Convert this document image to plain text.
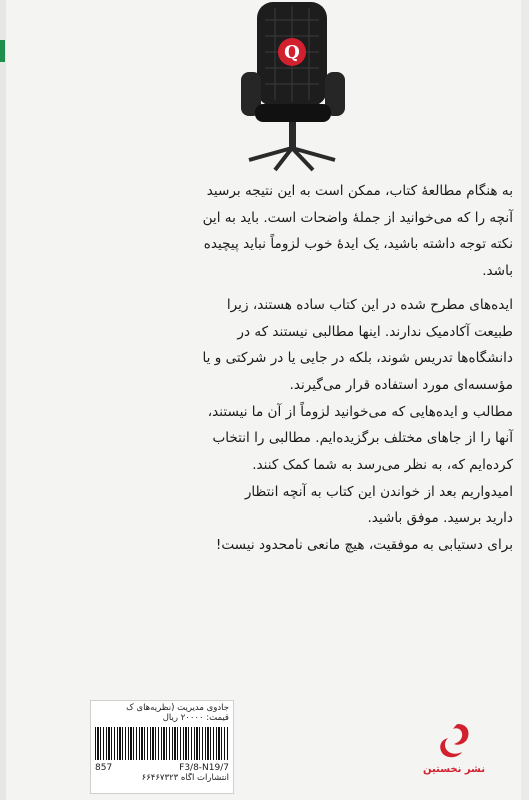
Q

به هنگام مطالعهٔ کتاب، ممکن است به این نتیجه برسید
آنچه را که می‌خوانید از جملهٔ واضحات است. باید به این
نکته توجه داشته باشید، یک ایدهٔ خوب لزوماً نباید پیچیده
باشد.

ایده‌های مطرح شده در این کتاب ساده هستند، زیرا
طبیعت آکادمیک ندارند. اینها مطالبی نیستند که در
دانشگاه‌ها تدریس شوند، بلکه در جایی یا در شرکتی و یا
مؤسسه‌ای مورد استفاده قرار می‌گیرند.

مطالب و ایده‌هایی که می‌خوانید لزوماً از آن ما نیستند،
آنها را از جاهای مختلف برگزیده‌ایم. مطالبی را انتخاب
کرده‌ایم که، به نظر می‌رسد به شما کمک کنند.

امیدواریم بعد از خواندن این کتاب به آنچه انتظار
دارید برسید. موفق باشید.

برای دستیابی به موفقیت، هیچ مانعی نامحدود نیست!

جادوی مدیریت (نظریه‌های ک
قیمت: ۲۰۰۰۰ ریال
857	F3/8-N19/7
انتشارات آگاه ۶۶۴۶۷۳۲۳
نشر نخستین
